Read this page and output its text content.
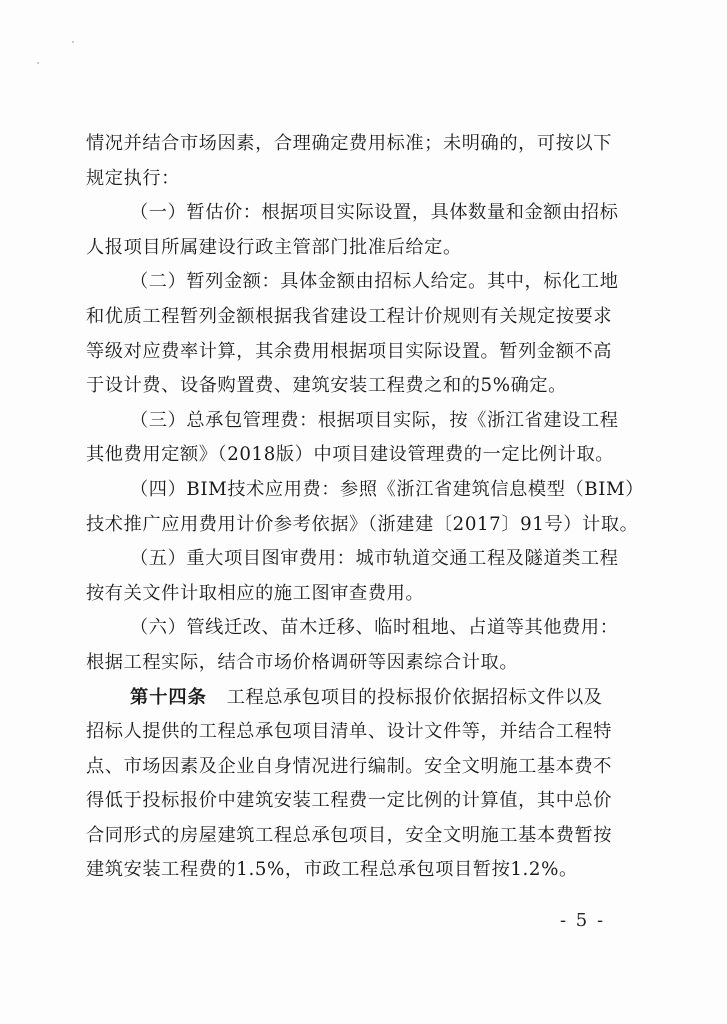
情况并结合市场因素，合理确定费用标准；未明确的，可按以下
规定执行：
（一）暂估价：根据项目实际设置，具体数量和金额由招标
人报项目所属建设行政主管部门批准后给定。
（二）暂列金额：具体金额由招标人给定。其中，标化工地
和优质工程暂列金额根据我省建设工程计价规则有关规定按要求
等级对应费率计算，其余费用根据项目实际设置。暂列金额不高
于设计费、设备购置费、建筑安装工程费之和的5%确定。
（三）总承包管理费：根据项目实际，按《浙江省建设工程
其他费用定额》（2018版）中项目建设管理费的一定比例计取。
（四）BIM技术应用费：参照《浙江省建筑信息模型（BIM）
技术推广应用费用计价参考依据》（浙建建〔2017〕91号）计取。
（五）重大项目图审费用：城市轨道交通工程及隧道类工程
按有关文件计取相应的施工图审查费用。
（六）管线迁改、苗木迁移、临时租地、占道等其他费用：
根据工程实际，结合市场价格调研等因素综合计取。
第十四条 工程总承包项目的投标报价依据招标文件以及
招标人提供的工程总承包项目清单、设计文件等，并结合工程特
点、市场因素及企业自身情况进行编制。安全文明施工基本费不
得低于投标报价中建筑安装工程费一定比例的计算值，其中总价
合同形式的房屋建筑工程总承包项目，安全文明施工基本费暂按
建筑安装工程费的1.5%，市政工程总承包项目暂按1.2%。
- 5 -
